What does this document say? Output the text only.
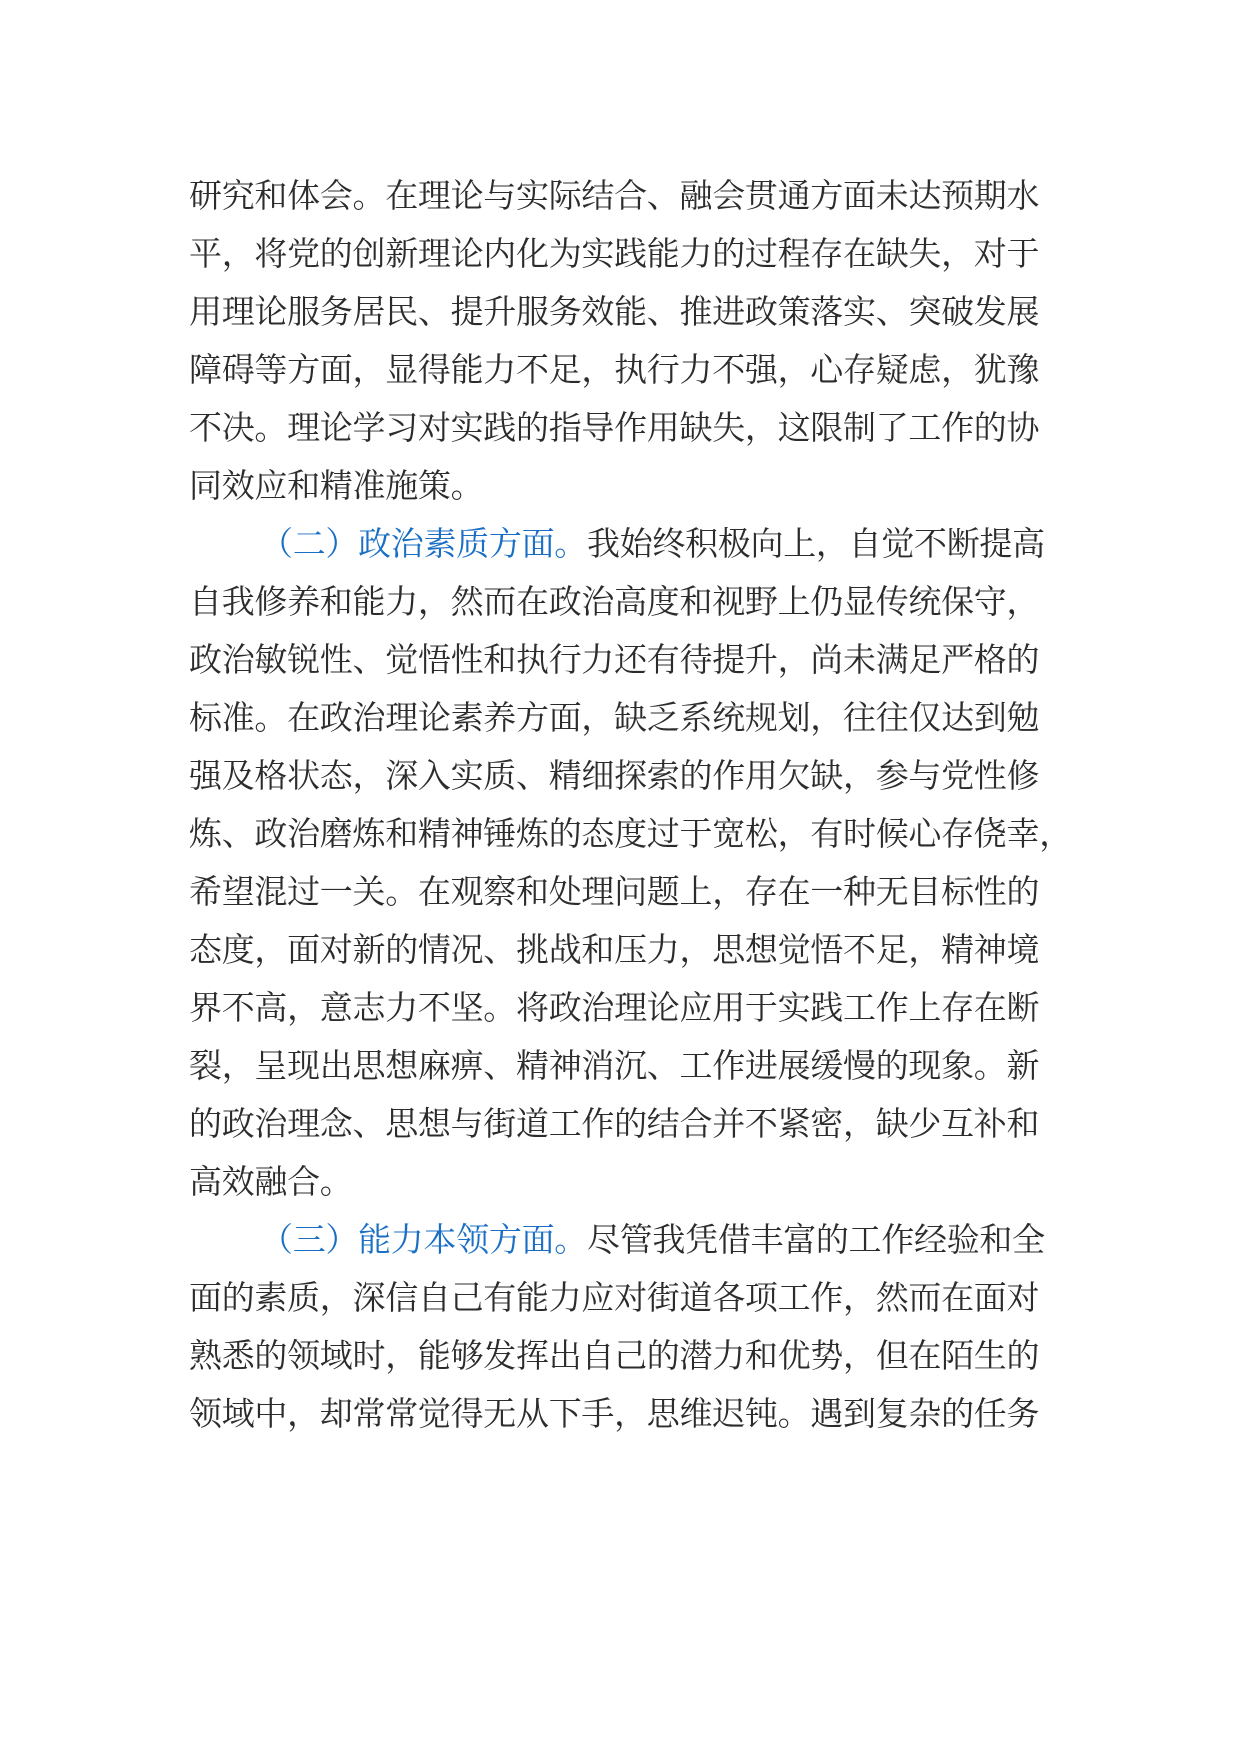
研究和体会。在理论与实际结合、融会贯通方面未达预期水
平，将党的创新理论内化为实践能力的过程存在缺失，对于
用理论服务居民、提升服务效能、推进政策落实、突破发展
障碍等方面，显得能力不足，执行力不强，心存疑虑，犹豫
不决。理论学习对实践的指导作用缺失，这限制了工作的协
同效应和精准施策。
（二）政治素质方面。我始终积极向上，自觉不断提高
自我修养和能力，然而在政治高度和视野上仍显传统保守，
政治敏锐性、觉悟性和执行力还有待提升，尚未满足严格的
标准。在政治理论素养方面，缺乏系统规划，往往仅达到勉
强及格状态，深入实质、精细探索的作用欠缺，参与党性修
炼、政治磨炼和精神锤炼的态度过于宽松，有时候心存侥幸，
希望混过一关。在观察和处理问题上，存在一种无目标性的
态度，面对新的情况、挑战和压力，思想觉悟不足，精神境
界不高，意志力不坚。将政治理论应用于实践工作上存在断
裂，呈现出思想麻痹、精神消沉、工作进展缓慢的现象。新
的政治理念、思想与街道工作的结合并不紧密，缺少互补和
高效融合。
（三）能力本领方面。尽管我凭借丰富的工作经验和全
面的素质，深信自己有能力应对街道各项工作，然而在面对
熟悉的领域时，能够发挥出自己的潜力和优势，但在陌生的
领域中，却常常觉得无从下手，思维迟钝。遇到复杂的任务
